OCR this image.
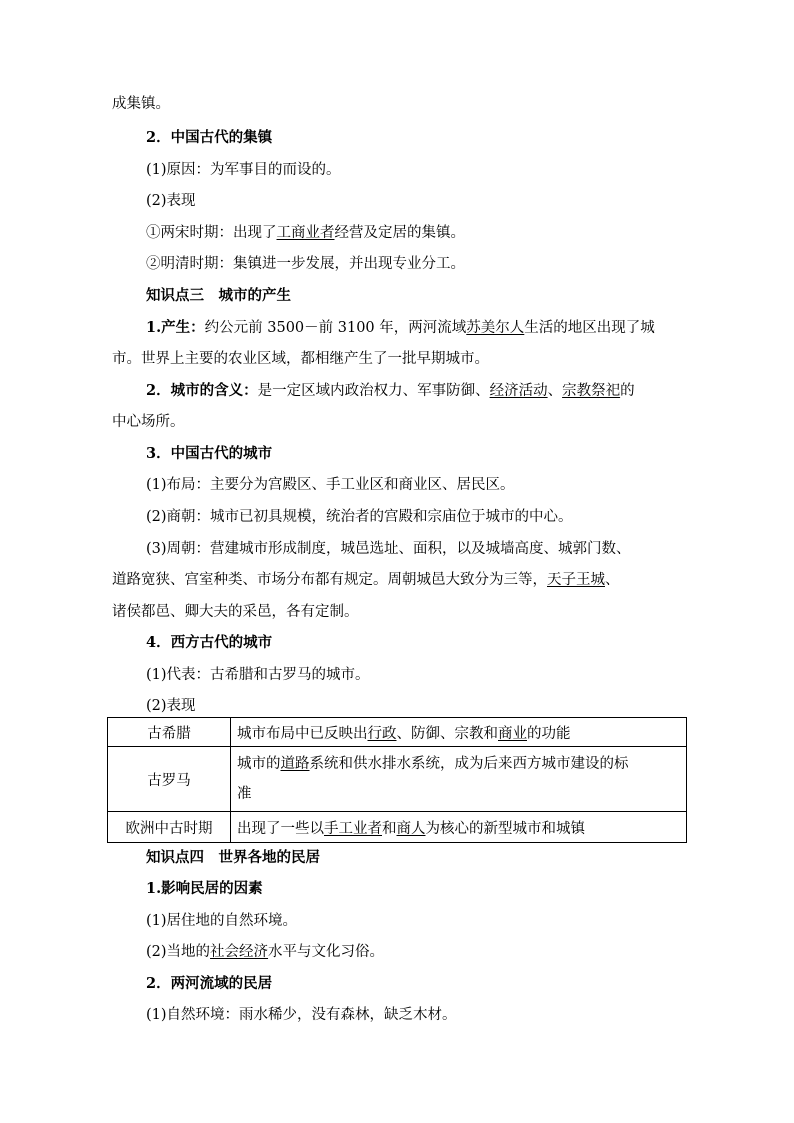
成集镇。
2．中国古代的集镇
(1)原因：为军事目的而设的。
(2)表现
①两宋时期：出现了工商业者经营及定居的集镇。
②明清时期：集镇进一步发展，并出现专业分工。
知识点三　城市的产生
1.产生：约公元前 3500－前 3100 年，两河流域苏美尔人生活的地区出现了城
市。世界上主要的农业区域，都相继产生了一批早期城市。
2．城市的含义：是一定区域内政治权力、军事防御、经济活动、宗教祭祀的
中心场所。
3．中国古代的城市
(1)布局：主要分为宫殿区、手工业区和商业区、居民区。
(2)商朝：城市已初具规模，统治者的宫殿和宗庙位于城市的中心。
(3)周朝：营建城市形成制度，城邑选址、面积，以及城墙高度、城郭门数、
道路宽狭、宫室种类、市场分布都有规定。周朝城邑大致分为三等，天子王城、
诸侯都邑、卿大夫的采邑，各有定制。
4．西方古代的城市
(1)代表：古希腊和古罗马的城市。
(2)表现
古希腊	城市布局中已反映出行政、防御、宗教和商业的功能
古罗马	城市的道路系统和供水排水系统，成为后来西方城市建设的标
准

欧洲中古时期	出现了一些以手工业者和商人为核心的新型城市和城镇
知识点四　世界各地的民居
1.影响民居的因素
(1)居住地的自然环境。
(2)当地的社会经济水平与文化习俗。
2．两河流域的民居
(1)自然环境：雨水稀少，没有森林，缺乏木材。
